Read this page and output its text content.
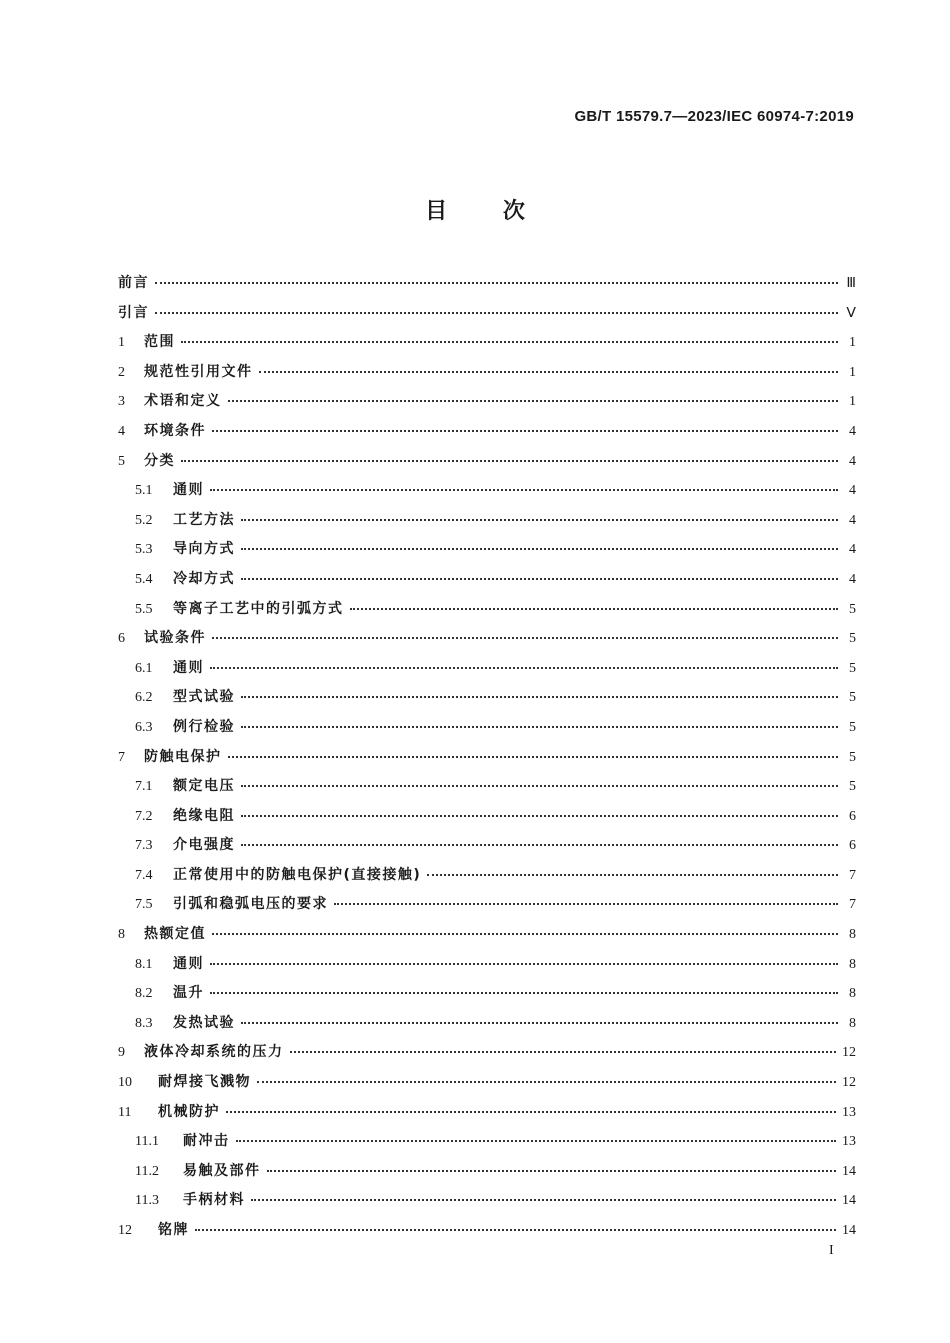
GB/T 15579.7—2023/IEC 60974-7:2019
目 次
前言	Ⅲ
引言	Ⅴ
1	范围	1
2	规范性引用文件	1
3	术语和定义	1
4	环境条件	4
5	分类	4
5.1	通则	4
5.2	工艺方法	4
5.3	导向方式	4
5.4	冷却方式	4
5.5	等离子工艺中的引弧方式	5
6	试验条件	5
6.1	通则	5
6.2	型式试验	5
6.3	例行检验	5
7	防触电保护	5
7.1	额定电压	5
7.2	绝缘电阻	6
7.3	介电强度	6
7.4	正常使用中的防触电保护(直接接触)	7
7.5	引弧和稳弧电压的要求	7
8	热额定值	8
8.1	通则	8
8.2	温升	8
8.3	发热试验	8
9	液体冷却系统的压力	12
10	耐焊接飞溅物	12
11	机械防护	13
11.1	耐冲击	13
11.2	易触及部件	14
11.3	手柄材料	14
12	铭牌	14
I
